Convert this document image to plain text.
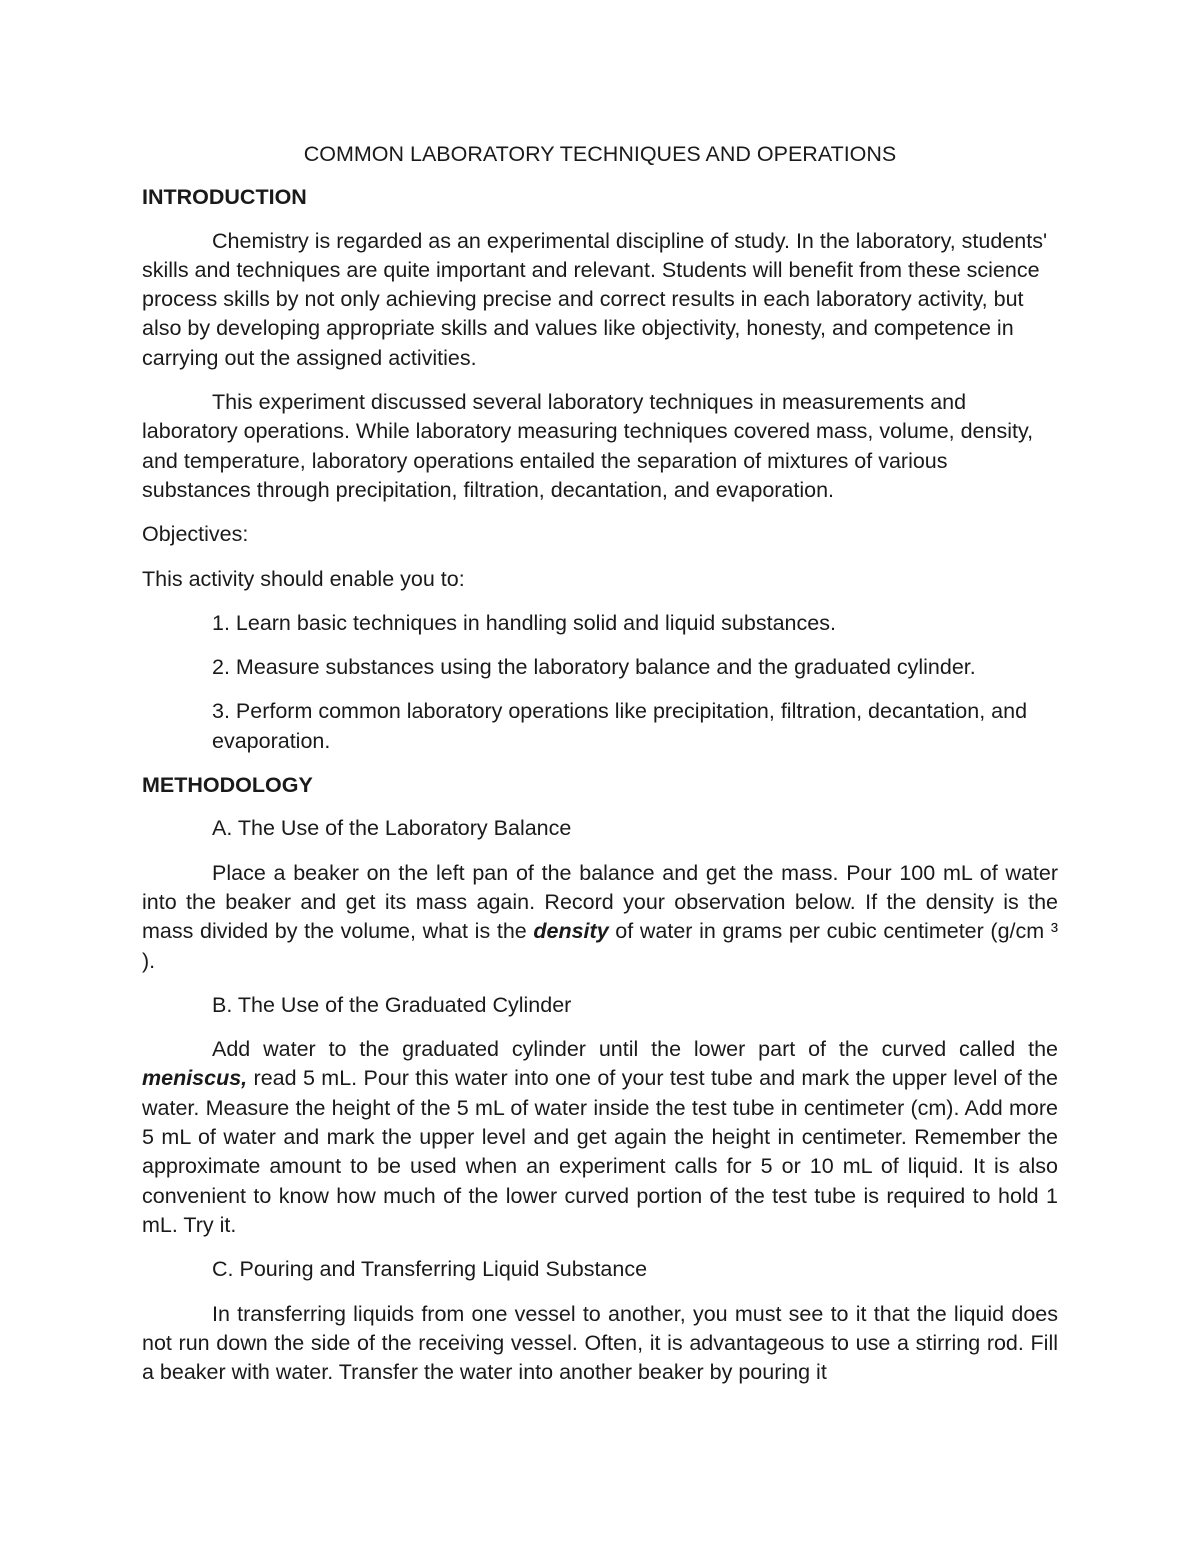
COMMON LABORATORY TECHNIQUES AND OPERATIONS
INTRODUCTION

Chemistry is regarded as an experimental discipline of study. In the laboratory, students' skills and techniques are quite important and relevant. Students will benefit from these science process skills by not only achieving precise and correct results in each laboratory activity, but also by developing appropriate skills and values like objectivity, honesty, and competence in carrying out the assigned activities.

This experiment discussed several laboratory techniques in measurements and laboratory operations. While laboratory measuring techniques covered mass, volume, density, and temperature, laboratory operations entailed the separation of mixtures of various substances through precipitation, filtration, decantation, and evaporation.

Objectives:

This activity should enable you to:

1. Learn basic techniques in handling solid and liquid substances.

2. Measure substances using the laboratory balance and the graduated cylinder.

3. Perform common laboratory operations like precipitation, filtration, decantation, and evaporation.

METHODOLOGY

A. The Use of the Laboratory Balance

Place a beaker on the left pan of the balance and get the mass. Pour 100 mL of water into the beaker and get its mass again. Record your observation below. If the density is the mass divided by the volume, what is the density of water in grams per cubic centimeter (g/cm ³ ).

B. The Use of the Graduated Cylinder

Add water to the graduated cylinder until the lower part of the curved called the meniscus, read 5 mL. Pour this water into one of your test tube and mark the upper level of the water. Measure the height of the 5 mL of water inside the test tube in centimeter (cm). Add more 5 mL of water and mark the upper level and get again the height in centimeter. Remember the approximate amount to be used when an experiment calls for 5 or 10 mL of liquid. It is also convenient to know how much of the lower curved portion of the test tube is required to hold 1 mL. Try it.

C. Pouring and Transferring Liquid Substance

In transferring liquids from one vessel to another, you must see to it that the liquid does not run down the side of the receiving vessel. Often, it is advantageous to use a stirring rod. Fill a beaker with water. Transfer the water into another beaker by pouring it
